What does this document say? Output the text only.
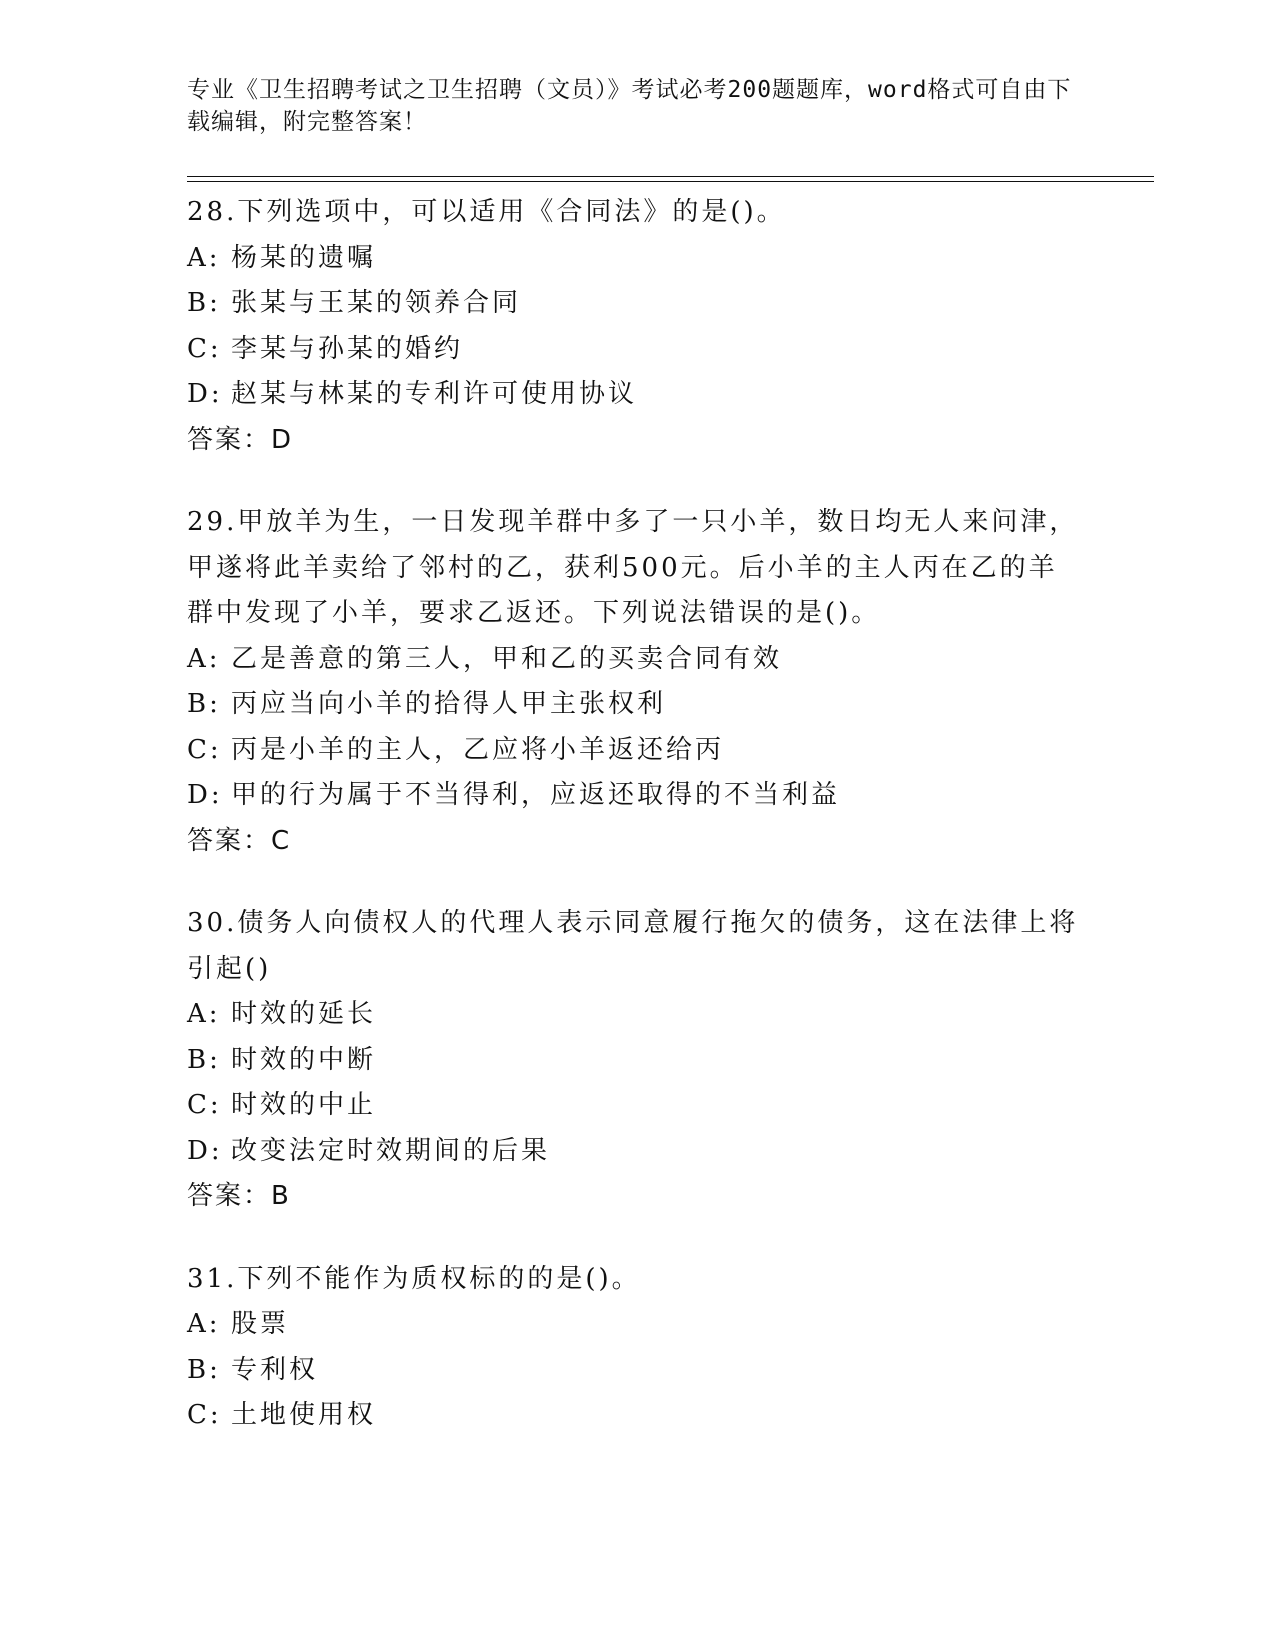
专业《卫生招聘考试之卫生招聘（文员）》考试必考200题题库，word格式可自由下载编辑，附完整答案！
28.下列选项中，可以适用《合同法》的是()。
A: 杨某的遗嘱
B: 张某与王某的领养合同
C: 李某与孙某的婚约
D: 赵某与林某的专利许可使用协议
答案：D
29.甲放羊为生，一日发现羊群中多了一只小羊，数日均无人来问津，
甲遂将此羊卖给了邻村的乙，获利500元。后小羊的主人丙在乙的羊
群中发现了小羊，要求乙返还。下列说法错误的是()。
A: 乙是善意的第三人，甲和乙的买卖合同有效
B: 丙应当向小羊的拾得人甲主张权利
C: 丙是小羊的主人，乙应将小羊返还给丙
D: 甲的行为属于不当得利，应返还取得的不当利益
答案：C
30.债务人向债权人的代理人表示同意履行拖欠的债务，这在法律上将
引起()
A: 时效的延长
B: 时效的中断
C: 时效的中止
D: 改变法定时效期间的后果
答案：B
31.下列不能作为质权标的的是()。
A: 股票
B: 专利权
C: 土地使用权
